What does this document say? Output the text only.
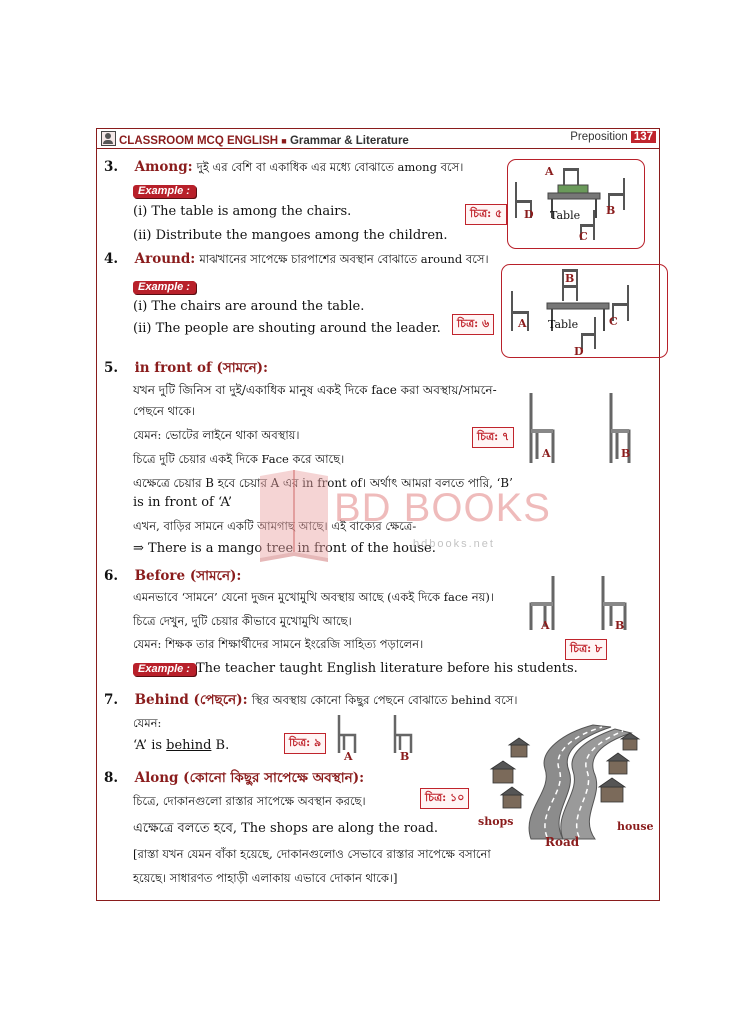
CLASSROOM MCQ ENGLISH ■ Grammar & Literature	Preposition 137
3. Among: দুই এর বেশি বা একাধিক এর মধ্যে বোঝাতে among বসে।
Example :
(i) The table is among the chairs.
(ii) Distribute the mangoes among the children.
চিত্র: ৫
A
D	B
C
Table
4. Around: মাঝখানের সাপেক্ষে চারপাশের অবস্থান বোঝাতে around বসে।
Example :
(i) The chairs are around the table.
(ii) The people are shouting around the leader.	চিত্র: ৬
B
A	C
D
Table
5. in front of (সামনে):
যখন দুটি জিনিস বা দুই/একাধিক মানুষ একই দিকে face করা অবস্থায়/সামনে-
পেছনে থাকে।
যেমন: ভোটের লাইনে থাকা অবস্থায়।
চিত্রে দুটি চেয়ার একই দিকে Face করে আছে।
এক্ষেত্রে চেয়ার B হবে চেয়ার A এর in front of। অর্থাৎ আমরা বলতে পারি, ‘B’
is in front of ‘A’
এখন, বাড়ির সামনে একটি আমগাছ আছে। এই বাক্যের ক্ষেত্রে-
⇒ There is a mango tree in front of the house.
চিত্র: ৭
A	B
6. Before (সামনে):
এমনভাবে ‘সামনে’ যেনো দুজন মুখোমুখি অবস্থায় আছে (একই দিকে face নয়)।
চিত্রে দেখুন, দুটি চেয়ার কীভাবে মুখোমুখি আছে।
যেমন: শিক্ষক তার শিক্ষার্থীদের সামনে ইংরেজি সাহিত্য পড়ালেন।
Example : The teacher taught English literature before his students.
চিত্র: ৮
A	B
7. Behind (পেছনে): স্থির অবস্থায় কোনো কিছুর পেছনে বোঝাতে behind বসে।
যেমন:
‘A’ is behind B.	চিত্র: ৯
A	B
8. Along (কোনো কিছুর সাপেক্ষে অবস্থান):
চিত্রে, দোকানগুলো রাস্তার সাপেক্ষে অবস্থান করছে।
এক্ষেত্রে বলতে হবে, The shops are along the road.
[রাস্তা যখন যেমন বাঁকা হয়েছে, দোকানগুলোও সেভাবে রাস্তার সাপেক্ষে বসানো
হয়েছে। সাধারণত পাহাড়ী এলাকায় এভাবে দোকান থাকে।]
চিত্র: ১০
shops	house
Road
BD BOOKS
bdbooks.net
